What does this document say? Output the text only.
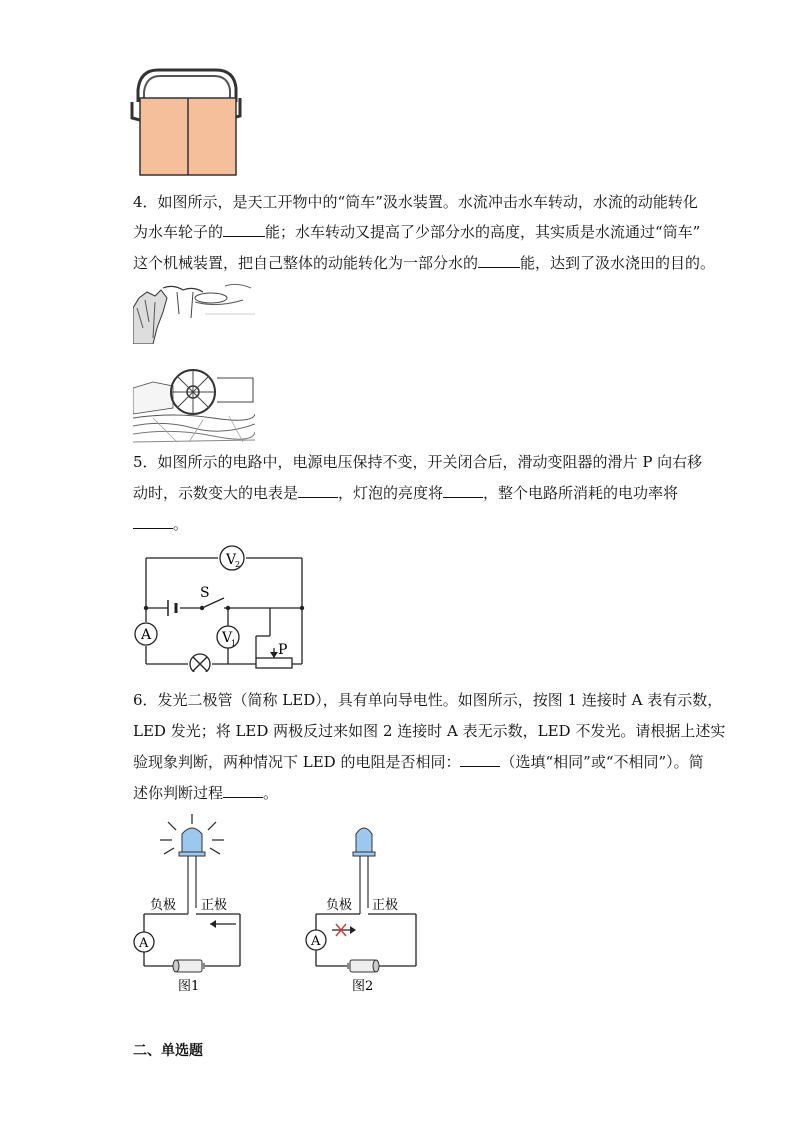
4．如图所示，是天工开物中的“筒车”汲水装置。水流冲击水车转动，水流的动能转化
为水车轮子的	能；水车转动又提高了少部分水的高度，其实质是水流通过“筒车”
这个机械装置，把自己整体的动能转化为一部分水的	能，达到了汲水浇田的目的。
5．如图所示的电路中，电源电压保持不变，开关闭合后，滑动变阻器的滑片 P 向右移
动时，示数变大的电表是	，灯泡的亮度将	，整个电路所消耗的电功率将
。
V
2
A	V
1
S
P
6．发光二极管（简称 LED），具有单向导电性。如图所示，按图 1 连接时 A 表有示数，
LED 发光；将 LED 两极反过来如图 2 连接时 A 表无示数，LED 不发光。请根据上述实
验现象判断，两种情况下 LED 的电阻是否相同：	（选填“相同”或“不相同”）。简
述你判断过程	。
A
负极 正极
图1
A
负极 正极
图2
二、单选题
